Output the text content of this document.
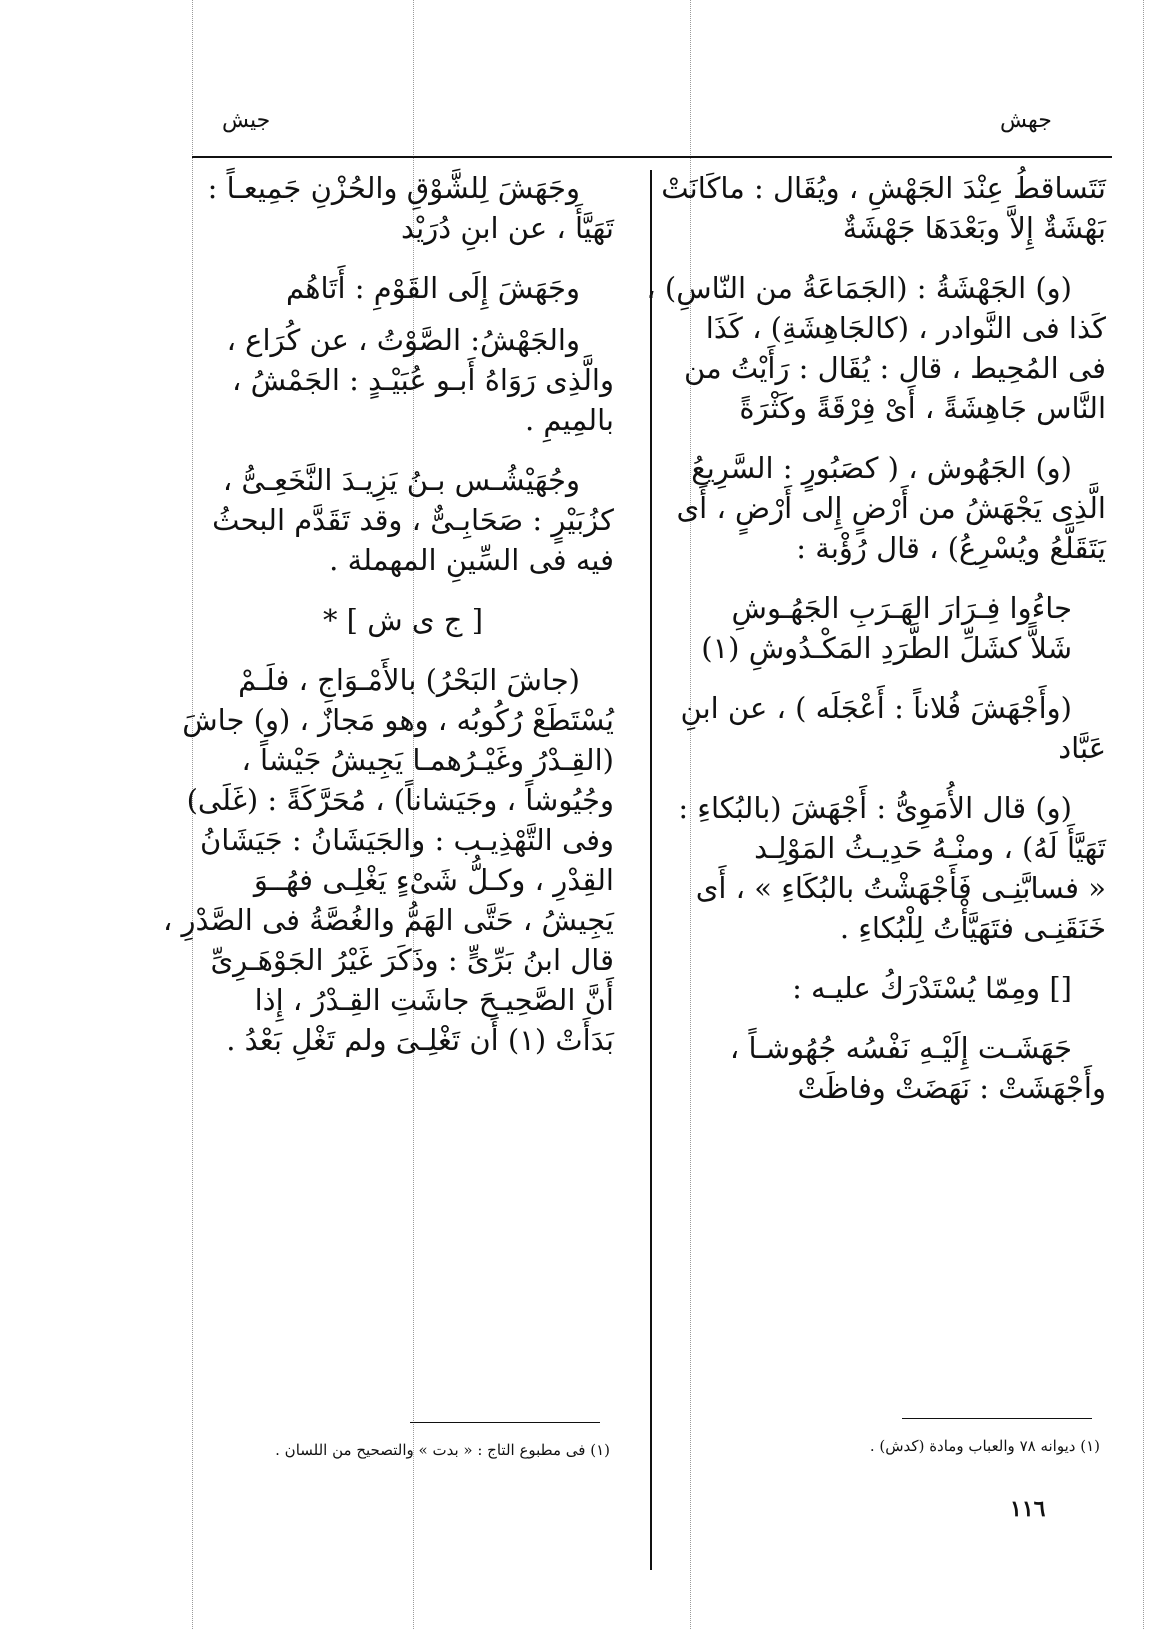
جهش
جيش
تَتَساقطُ عِنْدَ الجَهْشِ ، ويُقَال : ماكَانَتْ
بَهْشَةٌ إِلاَّ وبَعْدَهَا جَهْشَةٌ
(و) الجَهْشَةُ : (الجَمَاعَةُ من النّاسِ) ،
كَذا فى النَّوادر ، (كالجَاهِشَةِ) ، كَذَا
فى المُحِيط ، قال : يُقَال : رَأَيْتُ من
النَّاس جَاهِشَةً ، أَىْ فِرْقَةً وكَثْرَةً
(و) الجَهُوش ، ( كصَبُورٍ : السَّرِيعُ
الَّذِى يَجْهَشُ من أَرْضٍ إِلى أَرْضٍ ، أَى
يَتَقَلَّعُ ويُسْرِعُ) ، قال رُؤْبة :
جاءُوا فِـرَارَ الهَـرَبِ الجَهُـوشِ
شَلاًّ كشَلِّ الطَّرَدِ المَكْـدُوشِ (١)
(وأَجْهَشَ فُلاناً : أَعْجَلَه ) ، عن ابنِ
عَبَّاد
(و) قال الأُمَوِىُّ : أَجْهَشَ (بالبُكاءِ :
تَهَيَّأَ لَهُ) ، ومنْـهُ حَدِيـثُ المَوْلِـد
« فسابَّنِـى فَأَجْهَشْتُ بالبُكَاءِ » ، أَى
خَنَقَنِـى فتَهَيَّأْتُ لِلْبُكاءِ .
[] ومِمّا يُسْتَدْرَكُ عليـه :
جَهَشَـت إِلَيْـهِ نَفْسُه جُهُوشـاً ،
وأَجْهَشَتْ : نَهَضَتْ وفاظَتْ
(١) ديوانه ٧٨ والعباب ومادة (كدش) .
وجَهَشَ لِلشَّوْقِ والحُزْنِ جَمِيعـاً :
تَهَيَّأَ ، عن ابنِ دُرَيْد
وجَهَشَ إِلَى القَوْمِ : أَتَاهُم
والجَهْشُ: الصَّوْتُ ، عن كُرَاع ،
والَّذِى رَوَاهُ أَبـو عُبَيْـدٍ : الجَمْشُ ،
بالمِيمِ .
وجُهَيْشُـس بـنُ يَزِيـدَ النَّخَعِـىُّ ،
كزُبَيْرٍ : صَحَابِـىٌّ ، وقد تَقَدَّم البحثُ
فيه فى السِّينِ المهملة .
[ ج ى ش ] *
(جاشَ البَحْرُ) بالأَمْـوَاجِ ، فلَـمْ
يُسْتَطَعْ رُكُوبُه ، وهو مَجازٌ ، (و) جاشَ
(القِـدْرُ وغَيْـرُهمـا يَجِيشُ جَيْشاً ،
وجُيُوشاً ، وجَيَشاناً) ، مُحَرَّكَةً : (غَلَى)
وفى التَّهْذِيـب : والجَيَشَانُ : جَيَشَانُ
القِدْرِ ، وكـلُّ شَىْءٍ يَغْلِـى فهُــوَ
يَجِيشُ ، حَتَّى الهَمُّ والغُصَّةُ فى الصَّدْرِ ،
قال ابنُ بَرِّىٍّ : وذَكَرَ غَيْرُ الجَوْهَـرِىِّ
أَنَّ الصَّحِيـحَ جاشَتِ القِـدْرُ ، إِذا
بَدَأَتْ (١) أَن تَغْلِـىَ ولم تَغْلِ بَعْدُ .
(١) فى مطبوع التاج : « بدت » والتصحيح من اللسان .
١١٦
